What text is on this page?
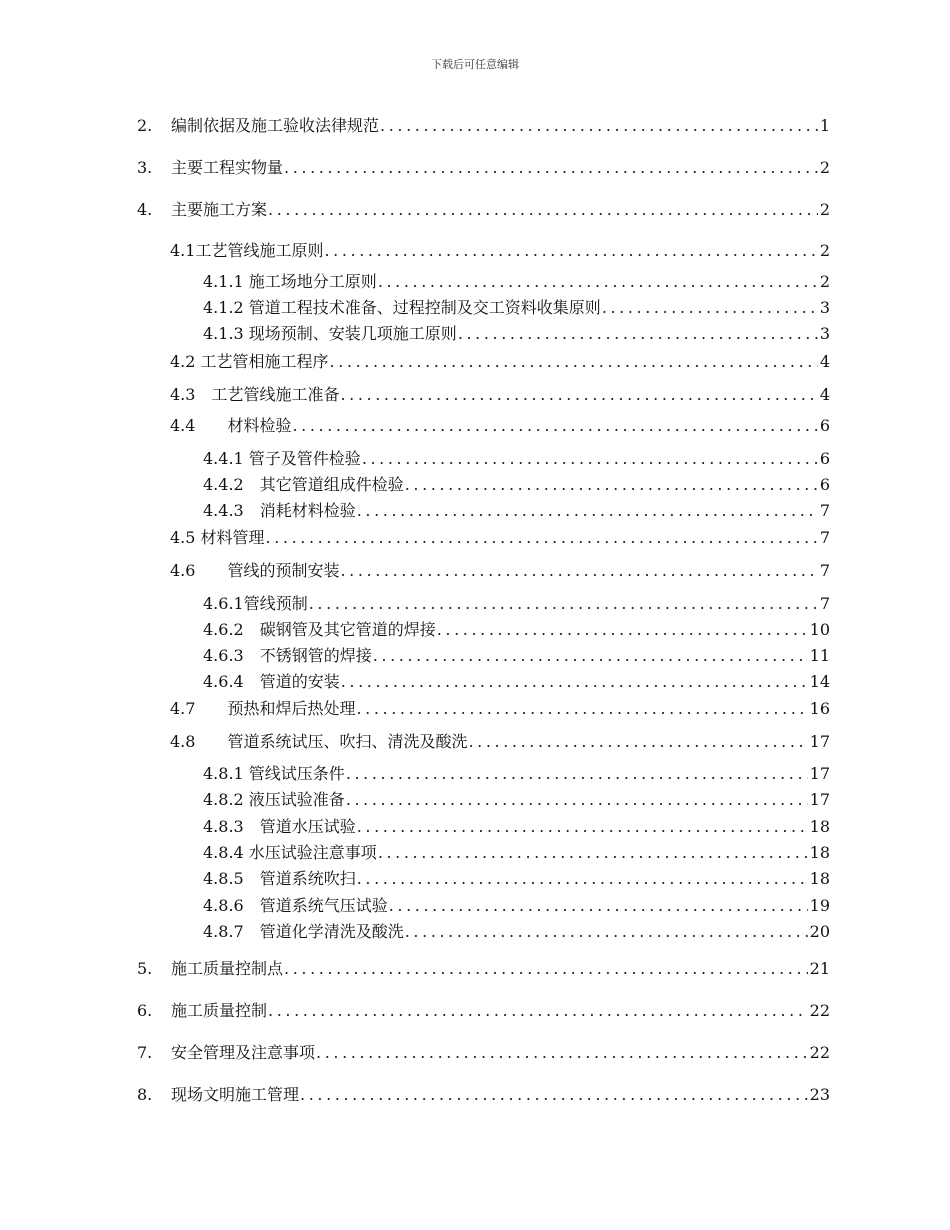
下载后可任意编辑
2.	编制依据及施工验收法律规范 .....	1
3.	主要工程实物量 .....	2
4.	主要施工方案 .....	2
4.1工艺管线施工原则 .....	2
4.1.1 施工场地分工原则 .....	2
4.1.2 管道工程技术准备、过程控制及交工资料收集原则 .....	3
4.1.3 现场预制、安装几项施工原则 .....	3
4.2 工艺管相施工程序 .....	4
4.3　工艺管线施工准备 .....	4
4.4　　材料检验 .....	6
4.4.1 管子及管件检验 .....	6
4.4.2　其它管道组成件检验 .....	6
4.4.3　消耗材料检验 .....	7
4.5 材料管理 .....	7
4.6　　管线的预制安装 .....	7
4.6.1管线预制 .....	7
4.6.2　碳钢管及其它管道的焊接 .....	10
4.6.3　不锈钢管的焊接 .....	11
4.6.4　管道的安装 .....	14
4.7　　预热和焊后热处理 .....	16
4.8　　管道系统试压、吹扫、清洗及酸洗 .....	17
4.8.1 管线试压条件 .....	17
4.8.2 液压试验准备 .....	17
4.8.3　管道水压试验 .....	18
4.8.4 水压试验注意事项 .....	18
4.8.5　管道系统吹扫 .....	18
4.8.6　管道系统气压试验 .....	19
4.8.7　管道化学清洗及酸洗 .....	20
5.	施工质量控制点 .....	21
6.	施工质量控制 .....	22
7.	安全管理及注意事项 .....	22
8.	现场文明施工管理 .....	23
